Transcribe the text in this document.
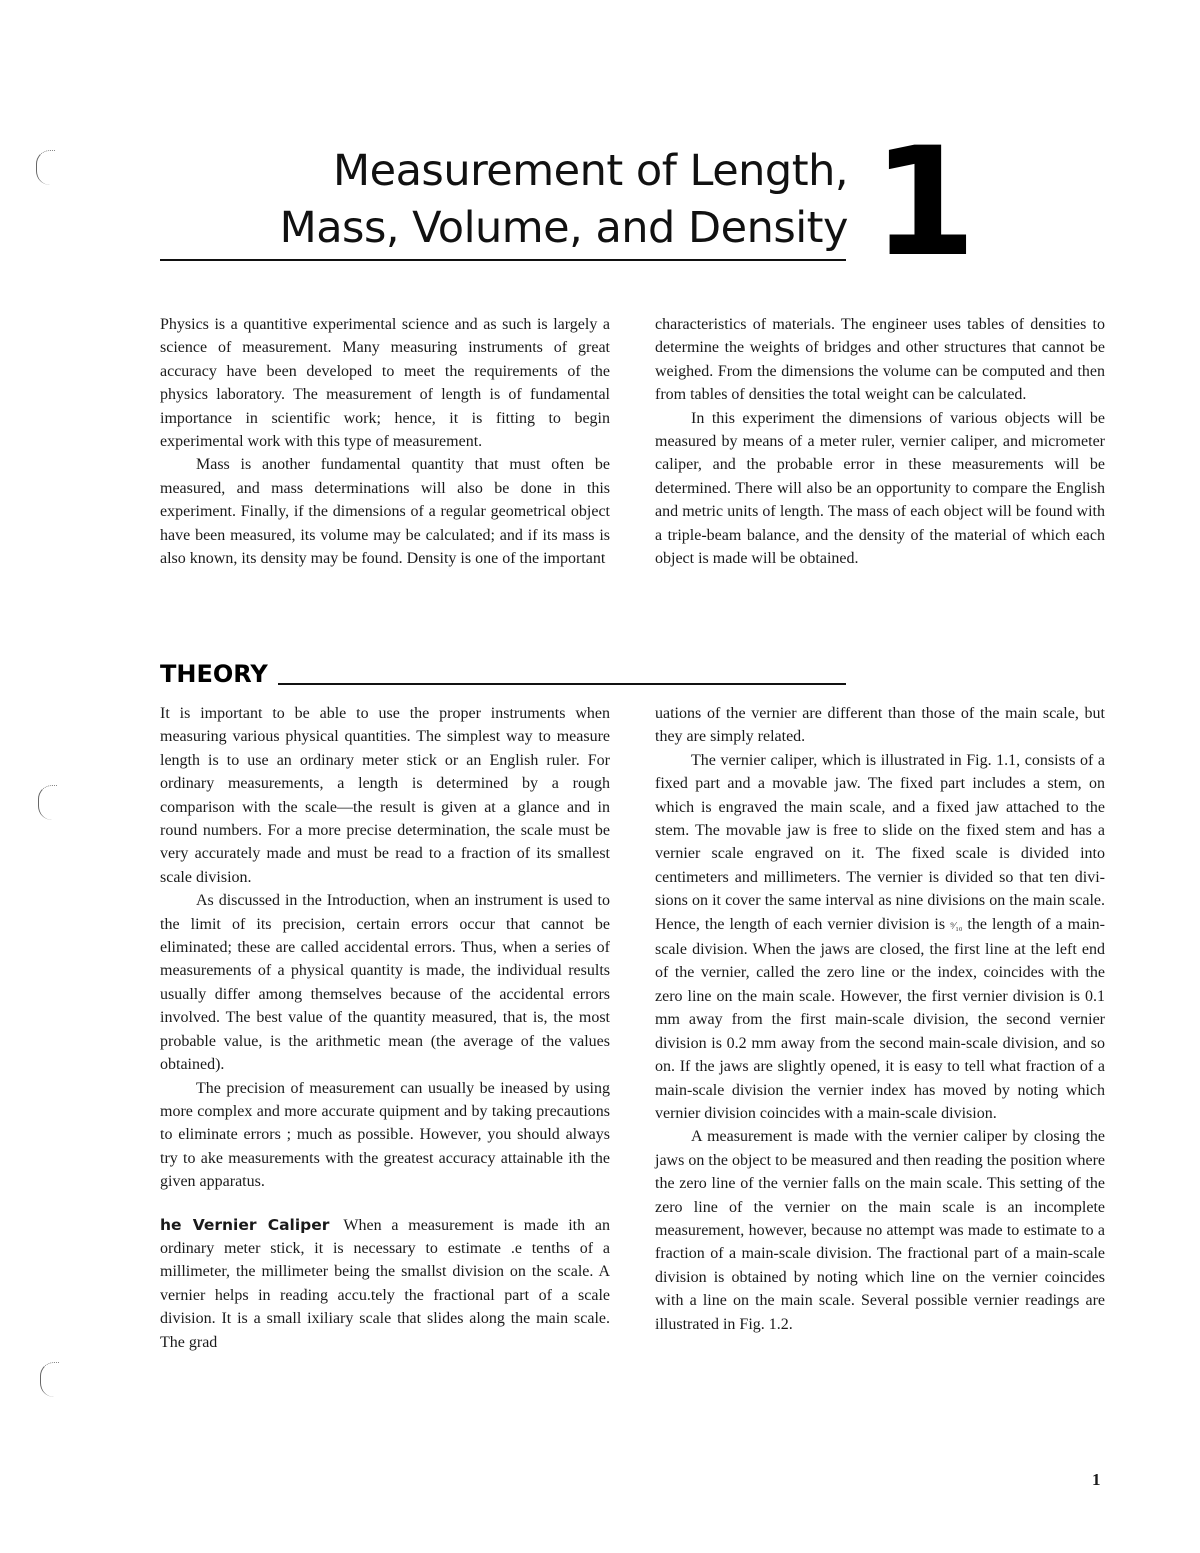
Measurement of Length,
Mass, Volume, and Density 1

Physics is a quantitive experimental science and as such is largely a science of measurement. Many measuring instruments of great accuracy have been developed to meet the requirements of the physics laboratory. The measurement of length is of fundamental importance in scientific work; hence, it is fitting to begin experimental work with this type of measurement.

Mass is another fundamental quantity that must often be measured, and mass determinations will also be done in this experiment. Finally, if the dimensions of a regular geometrical object have been measured, its volume may be calculated; and if its mass is also known, its density may be found. Density is one of the important

characteristics of materials. The engineer uses tables of densities to determine the weights of bridges and other structures that cannot be weighed. From the dimensions the volume can be computed and then from tables of densities the total weight can be calculated.

In this experiment the dimensions of various objects will be measured by means of a meter ruler, vernier caliper, and micrometer caliper, and the probable error in these measurements will be determined. There will also be an opportunity to compare the English and metric units of length. The mass of each object will be found with a triple-beam balance, and the density of the material of which each object is made will be obtained.

THEORY

It is important to be able to use the proper instruments when measuring various physical quantities. The simplest way to measure length is to use an ordinary meter stick or an English ruler. For ordinary measurements, a length is determined by a rough comparison with the scale—the result is given at a glance and in round numbers. For a more precise determination, the scale must be very accurately made and must be read to a fraction of its smallest scale division.

As discussed in the Introduction, when an instrument is used to the limit of its precision, certain errors occur that cannot be eliminated; these are called accidental errors. Thus, when a series of measurements of a physical quantity is made, the individual results usually differ among themselves because of the accidental errors involved. The best value of the quantity measured, that is, the most probable value, is the arithmetic mean (the average of the values obtained).

The precision of measurement can usually be ineased by using more complex and more accurate quipment and by taking precautions to eliminate errors ; much as possible. However, you should always try to ake measurements with the greatest accuracy attainable ith the given apparatus.

he Vernier Caliper When a measurement is made ith an ordinary meter stick, it is necessary to estimate .e tenths of a millimeter, the millimeter being the smallst division on the scale. A vernier helps in reading accu.tely the fractional part of a scale division. It is a small ixiliary scale that slides along the main scale. The grad

uations of the vernier are different than those of the main scale, but they are simply related.

The vernier caliper, which is illustrated in Fig. 1.1, consists of a fixed part and a movable jaw. The fixed part includes a stem, on which is engraved the main scale, and a fixed jaw attached to the stem. The movable jaw is free to slide on the fixed stem and has a vernier scale engraved on it. The fixed scale is divided into centimeters and millimeters. The vernier is divided so that ten divisions on it cover the same interval as nine divisions on the main scale. Hence, the length of each vernier division is ⁹⁄₁₀ the length of a main-scale division. When the jaws are closed, the first line at the left end of the vernier, called the zero line or the index, coincides with the zero line on the main scale. However, the first vernier division is 0.1 mm away from the first main-scale division, the second vernier division is 0.2 mm away from the second main-scale division, and so on. If the jaws are slightly opened, it is easy to tell what fraction of a main-scale division the vernier index has moved by noting which vernier division coincides with a main-scale division.

A measurement is made with the vernier caliper by closing the jaws on the object to be measured and then reading the position where the zero line of the vernier falls on the main scale. This setting of the zero line of the vernier on the main scale is an incomplete measurement, however, because no attempt was made to estimate to a fraction of a main-scale division. The fractional part of a main-scale division is obtained by noting which line on the vernier coincides with a line on the main scale. Several possible vernier readings are illustrated in Fig. 1.2.

1
